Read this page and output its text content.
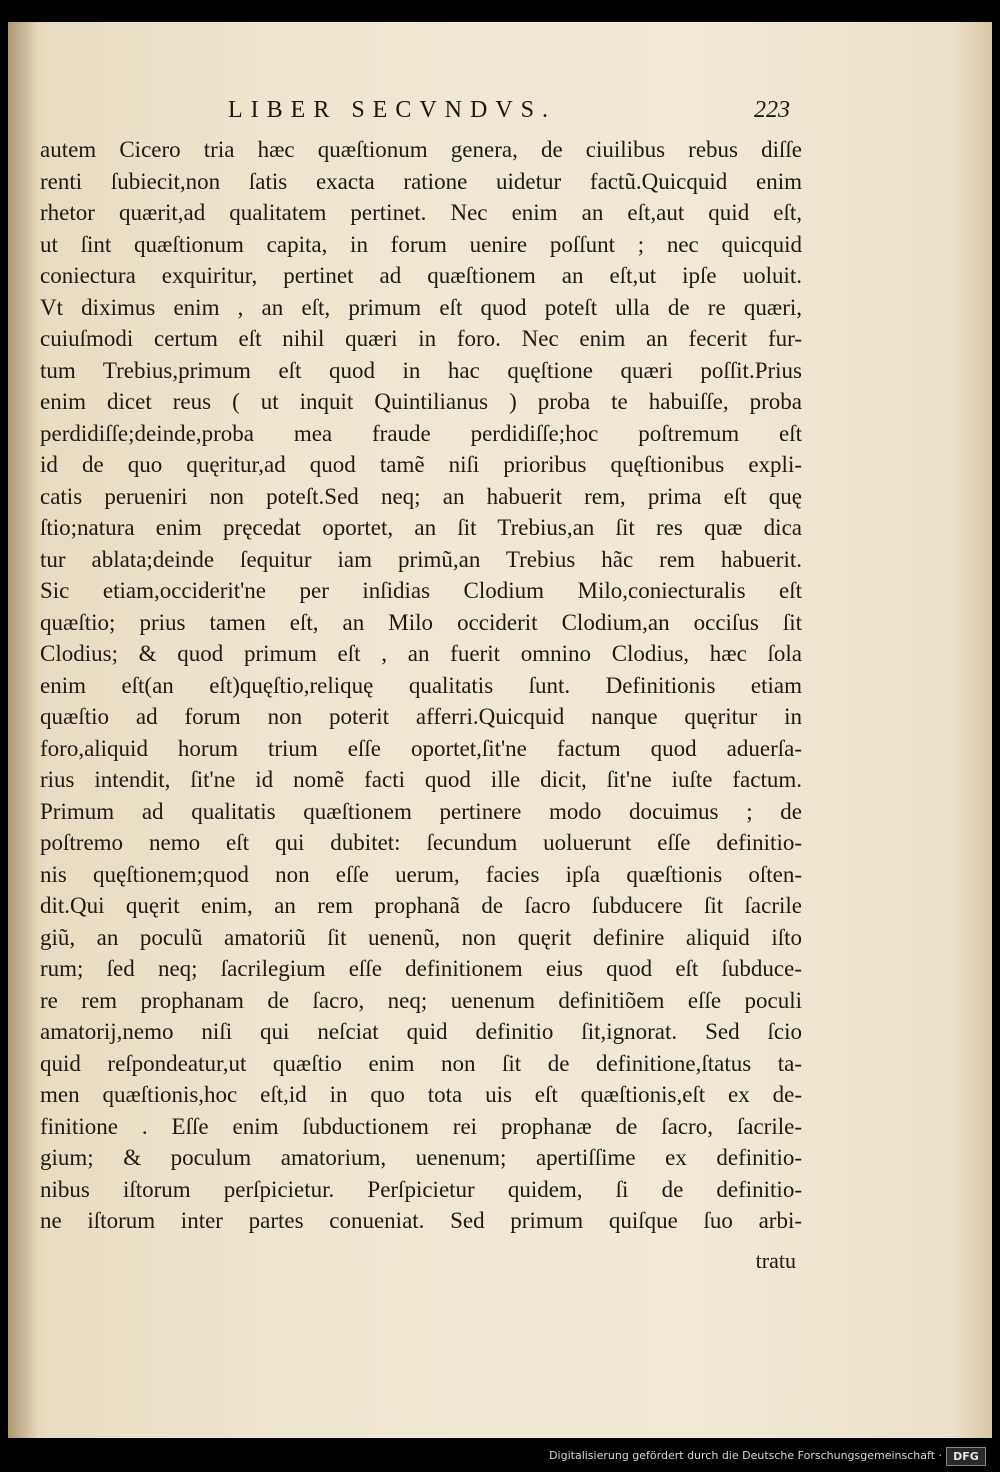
LIBER SECVNDVS.	223
autem Cicero tria hæc quæſtionum genera, de ciuilibus rebus diſſe
renti ſubiecit,non ſatis exacta ratione uidetur factũ.Quicquid enim
rhetor quærit,ad qualitatem pertinet. Nec enim an eſt,aut quid eſt,
ut ſint quæſtionum capita, in forum uenire poſſunt ; nec quicquid
coniectura exquiritur, pertinet ad quæſtionem an eſt,ut ipſe uoluit.
Vt diximus enim , an eſt, primum eſt quod poteſt ulla de re quæri,
cuiuſmodi certum eſt nihil quæri in foro. Nec enim an fecerit fur-
tum Trebius,primum eſt quod in hac quęſtione quæri poſſit.Prius
enim dicet reus ( ut inquit Quintilianus ) proba te habuiſſe, proba
perdidiſſe;deinde,proba mea fraude perdidiſſe;hoc poſtremum eſt
id de quo quęritur,ad quod tamẽ niſi prioribus quęſtionibus expli-
catis perueniri non poteſt.Sed neq; an habuerit rem, prima eſt quę
ſtio;natura enim pręcedat oportet, an ſit Trebius,an ſit res quæ dica
tur ablata;deinde ſequitur iam primũ,an Trebius hãc rem habuerit.
Sic etiam,occiderit'ne per inſidias Clodium Milo,coniecturalis eſt
quæſtio; prius tamen eſt, an Milo occiderit Clodium,an occiſus ſit
Clodius; & quod primum eſt , an fuerit omnino Clodius, hæc ſola
enim eſt(an eſt)quęſtio,reliquę qualitatis ſunt. Definitionis etiam
quæſtio ad forum non poterit afferri.Quicquid nanque quęritur in
foro,aliquid horum trium eſſe oportet,ſit'ne factum quod aduerſa-
rius intendit, ſit'ne id nomẽ facti quod ille dicit, ſit'ne iuſte factum.
Primum ad qualitatis quæſtionem pertinere modo docuimus ; de
poſtremo nemo eſt qui dubitet: ſecundum uoluerunt eſſe definitio-
nis quęſtionem;quod non eſſe uerum, facies ipſa quæſtionis oſten-
dit.Qui quęrit enim, an rem prophanã de ſacro ſubducere ſit ſacrile
giũ, an poculũ amatoriũ ſit uenenũ, non quęrit definire aliquid iſto
rum; ſed neq; ſacrilegium eſſe definitionem eius quod eſt ſubduce-
re rem prophanam de ſacro, neq; uenenum definitiõem eſſe poculi
amatorij,nemo niſi qui neſciat quid definitio ſit,ignorat. Sed ſcio
quid reſpondeatur,ut quæſtio enim non ſit de definitione,ſtatus ta-
men quæſtionis,hoc eſt,id in quo tota uis eſt quæſtionis,eſt ex de-
finitione . Eſſe enim ſubductionem rei prophanæ de ſacro, ſacrile-
gium; & poculum amatorium, uenenum; apertiſſime ex definitio-
nibus iſtorum perſpicietur. Perſpicietur quidem, ſi de definitio-
ne iſtorum inter partes conueniat. Sed primum quiſque ſuo arbi-
tratu
Digitalisierung gefördert durch die Deutsche Forschungsgemeinschaft ·	DFG
